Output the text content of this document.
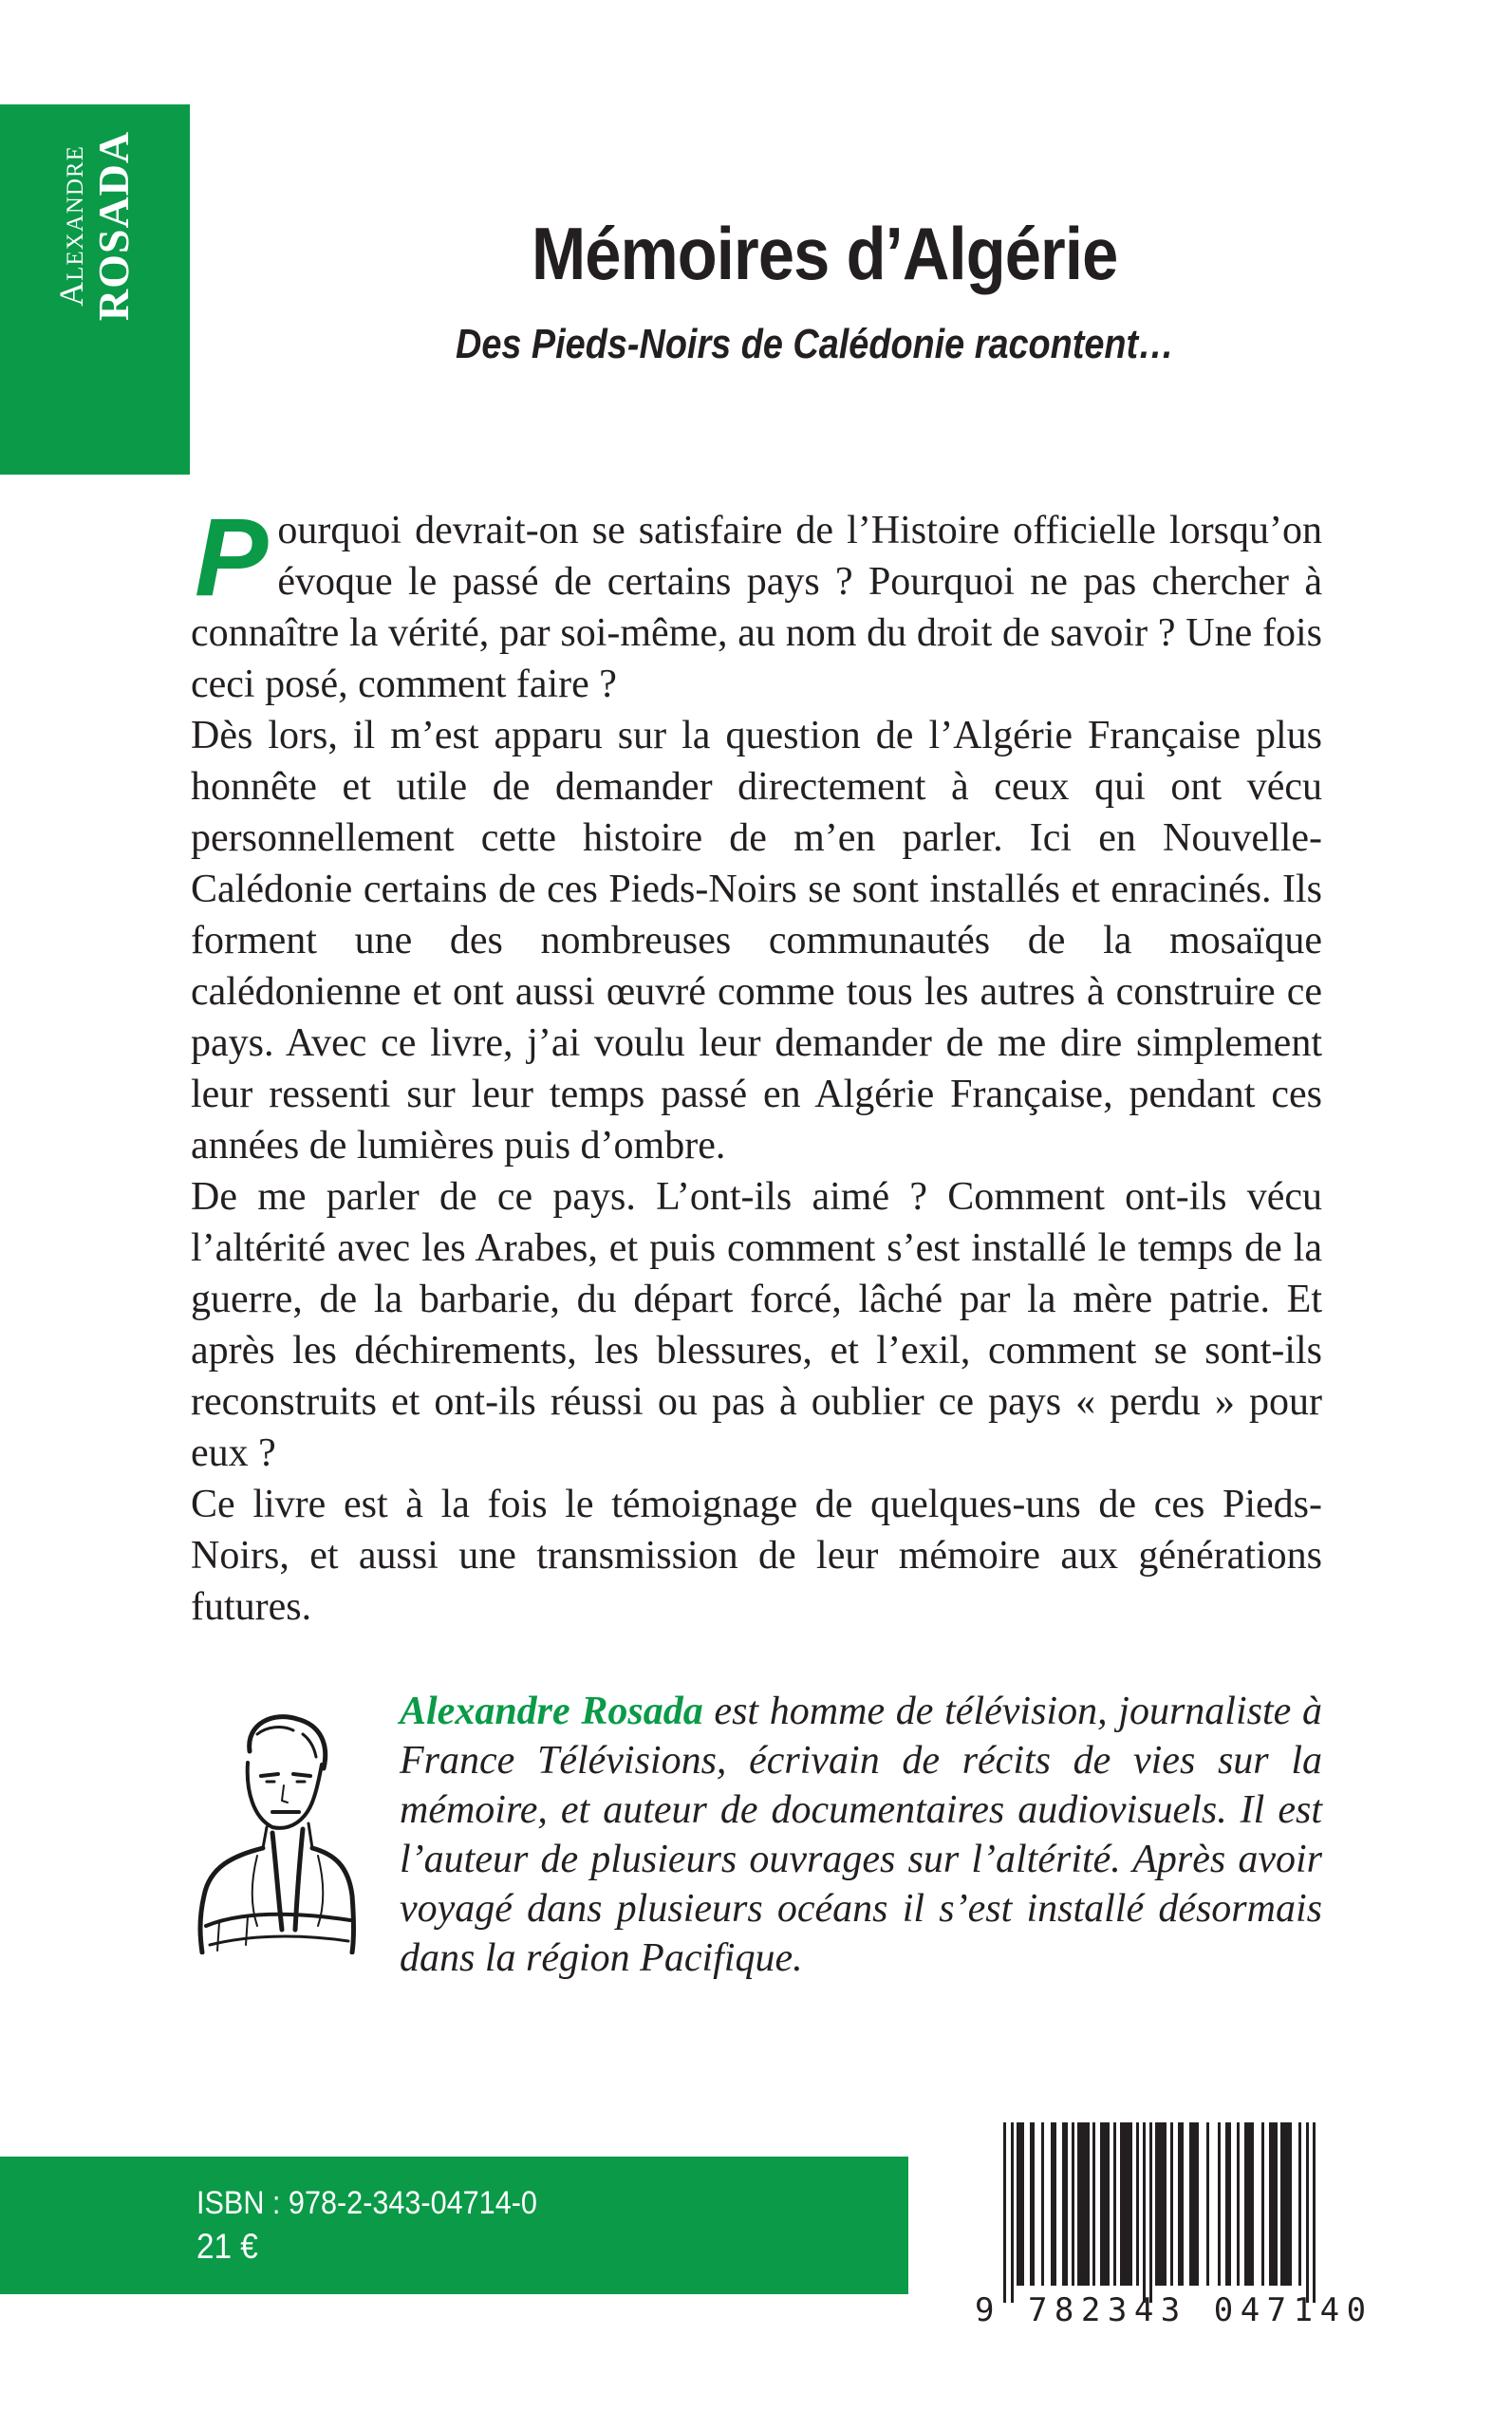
Alexandre ROSADA	Mémoires d’Algérie
Des Pieds-Noirs de Calédonie racontent…

Pourquoi devrait-on se satisfaire de l’Histoire officielle lorsqu’on évoque le passé de certains pays ? Pourquoi ne pas chercher à connaître la vérité, par soi-même, au nom du droit de savoir ? Une fois ceci posé, comment faire ?

Dès lors, il m’est apparu sur la question de l’Algérie Française plus honnête et utile de demander directement à ceux qui ont vécu personnellement cette histoire de m’en parler. Ici en Nouvelle-Calédonie certains de ces Pieds-Noirs se sont installés et enracinés. Ils forment une des nombreuses communautés de la mosaïque calédonienne et ont aussi œuvré comme tous les autres à construire ce pays. Avec ce livre, j’ai voulu leur demander de me dire simplement leur ressenti sur leur temps passé en Algérie Française, pendant ces années de lumières puis d’ombre.

De me parler de ce pays. L’ont-ils aimé ? Comment ont-ils vécu l’altérité avec les Arabes, et puis comment s’est installé le temps de la guerre, de la barbarie, du départ forcé, lâché par la mère patrie. Et après les déchirements, les blessures, et l’exil, comment se sont-ils reconstruits et ont-ils réussi ou pas à oublier ce pays « perdu » pour eux ?

Ce livre est à la fois le témoignage de quelques-uns de ces Pieds-Noirs, et aussi une transmission de leur mémoire aux générations futures.

Alexandre Rosada est homme de télévision, journaliste à France Télévisions, écrivain de récits de vies sur la mémoire, et auteur de documentaires audiovisuels. Il est l’auteur de plusieurs ouvrages sur l’altérité. Après avoir voyagé dans plusieurs océans il s’est installé désormais dans la région Pacifique.
ISBN : 978-2-343-04714-0
21 €
9 782343 047140
